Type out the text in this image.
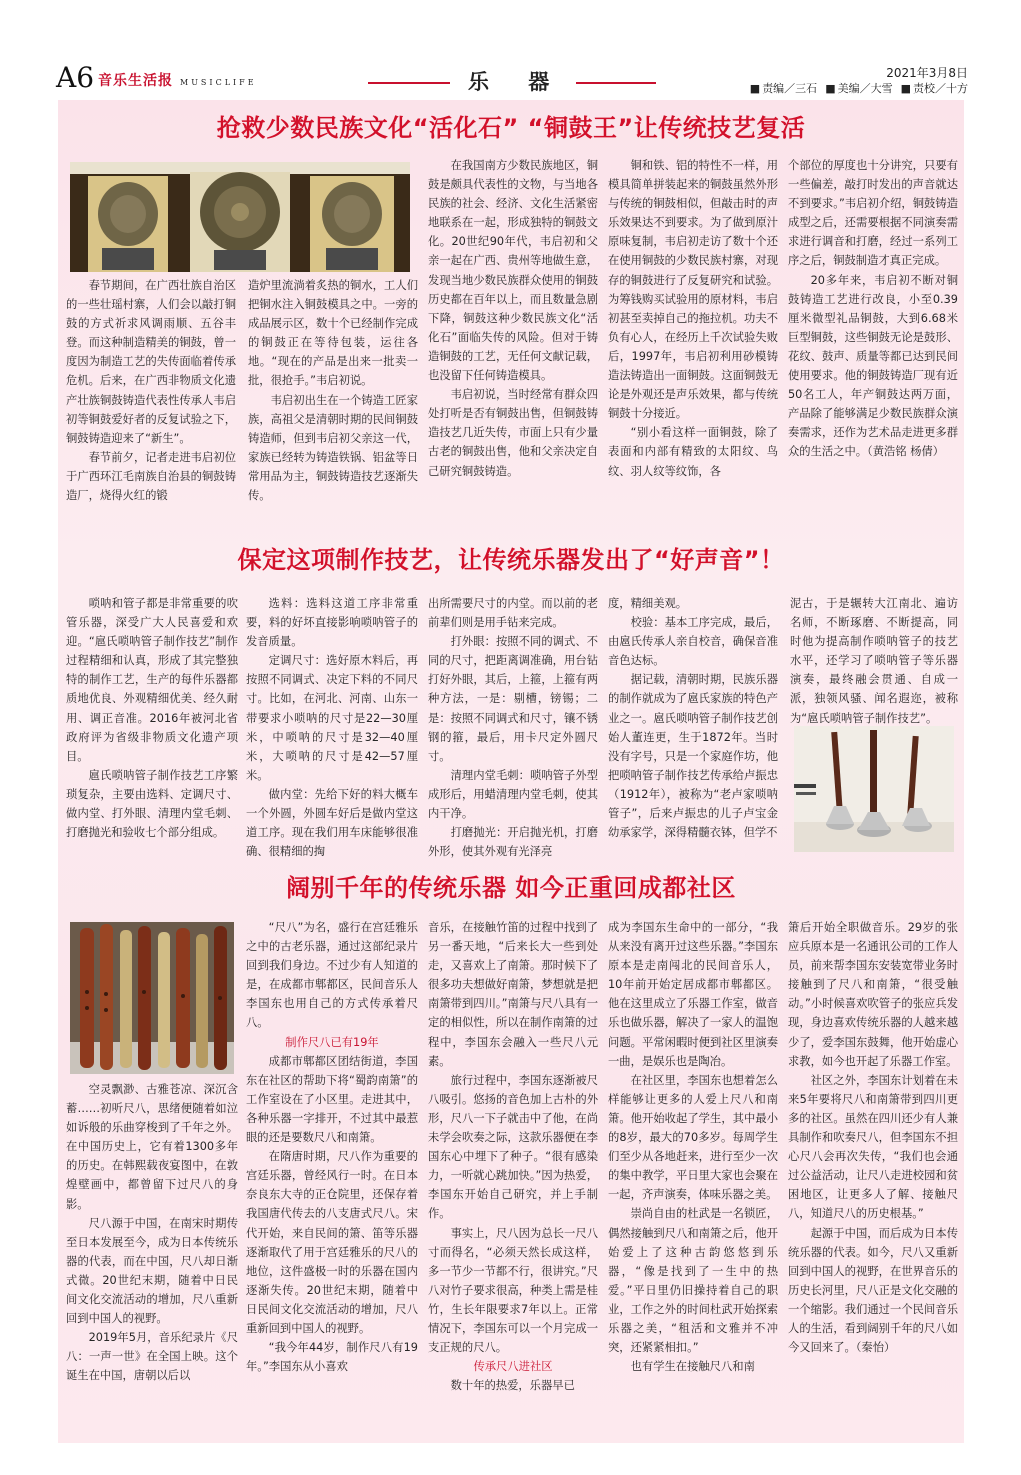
A6 音乐生活报 MUSICLIFE	乐 器	2021年3月8日
■ 责编／三石 ■ 美编／大雪 ■ 责校／十方
抢救少数民族文化“活化石” “铜鼓王”让传统技艺复活

春节期间，在广西壮族自治区的一些壮瑶村寨，人们会以敲打铜鼓的方式祈求风调雨顺、五谷丰登。而这种制造精美的铜鼓，曾一度因为制造工艺的失传面临着传承危机。后来，在广西非物质文化遗产壮族铜鼓铸造代表性传承人韦启初等铜鼓爱好者的反复试验之下，铜鼓铸造迎来了“新生”。

春节前夕，记者走进韦启初位于广西环江毛南族自治县的铜鼓铸造厂，烧得火红的锻

造炉里流淌着炙热的铜水，工人们把铜水注入铜鼓模具之中。一旁的成品展示区，数十个已经制作完成的铜鼓正在等待包装，运往各地。“现在的产品是出来一批卖一批，很抢手。”韦启初说。

韦启初出生在一个铸造工匠家族，高祖父是清朝时期的民间铜鼓铸造师，但到韦启初父亲这一代，家族已经转为铸造铁锅、铝盆等日常用品为主，铜鼓铸造技艺逐渐失传。

在我国南方少数民族地区，铜鼓是颇具代表性的文物，与当地各民族的社会、经济、文化生活紧密地联系在一起，形成独特的铜鼓文化。20世纪90年代，韦启初和父亲一起在广西、贵州等地做生意，发现当地少数民族群众使用的铜鼓历史都在百年以上，而且数量急剧下降，铜鼓这种少数民族文化“活化石”面临失传的风险。但对于铸造铜鼓的工艺，无任何文献记载，也没留下任何铸造模具。

韦启初说，当时经常有群众四处打听是否有铜鼓出售，但铜鼓铸造技艺几近失传，市面上只有少量古老的铜鼓出售，他和父亲决定自己研究铜鼓铸造。

铜和铁、铝的特性不一样，用模具简单拼装起来的铜鼓虽然外形与传统的铜鼓相似，但敲击时的声乐效果达不到要求。为了做到原汁原味复制，韦启初走访了数十个还在使用铜鼓的少数民族村寨，对现存的铜鼓进行了反复研究和试验。为筹钱购买试验用的原材料，韦启初甚至卖掉自己的拖拉机。功夫不负有心人，在经历上千次试验失败后，1997年，韦启初利用砂模铸造法铸造出一面铜鼓。这面铜鼓无论是外观还是声乐效果，都与传统铜鼓十分接近。

“别小看这样一面铜鼓，除了表面和内部有精致的太阳纹、鸟纹、羽人纹等纹饰，各

个部位的厚度也十分讲究，只要有一些偏差，敲打时发出的声音就达不到要求。”韦启初介绍，铜鼓铸造成型之后，还需要根据不同演奏需求进行调音和打磨，经过一系列工序之后，铜鼓制造才真正完成。

20多年来，韦启初不断对铜鼓铸造工艺进行改良，小至0.39厘米微型礼品铜鼓，大到6.68米巨型铜鼓，这些铜鼓无论是鼓形、花纹、鼓声、质量等都已达到民间使用要求。他的铜鼓铸造厂现有近50名工人，年产铜鼓达两万面，产品除了能够满足少数民族群众演奏需求，还作为艺术品走进更多群众的生活之中。（黄浩铭 杨倩）

保定这项制作技艺，让传统乐器发出了“好声音”！

唢呐和管子都是非常重要的吹管乐器，深受广大人民喜爱和欢迎。“扈氏唢呐管子制作技艺”制作过程精细和认真，形成了其完整独特的制作工艺，生产的每件乐器都质地优良、外观精细优美、经久耐用、调正音准。2016年被河北省政府评为省级非物质文化遗产项目。

扈氏唢呐管子制作技艺工序繁琐复杂，主要由选料、定调尺寸、做内堂、打外眼、清理内堂毛刺、打磨抛光和验收七个部分组成。

选料：选料这道工序非常重要，料的好坏直接影响唢呐管子的发音质量。

定调尺寸：选好原木料后，再按照不同调式、决定下料的不同尺寸。比如，在河北、河南、山东一带要求小唢呐的尺寸是22—30厘米，中唢呐的尺寸是32—40厘米，大唢呐的尺寸是42—57厘米。

做内堂：先给下好的料大概车一个外圆，外圆车好后是做内堂这道工序。现在我们用车床能够很准确、很精细的掏

出所需要尺寸的内堂。而以前的老前辈们则是用手钻来完成。

打外眼：按照不同的调式、不同的尺寸，把距离调准确，用台钻打好外眼，其后，上箍，上箍有两种方法，一是：剔槽，镑锡；二是：按照不同调式和尺寸，镶不锈钢的箍，最后，用卡尺定外圆尺寸。

清理内堂毛刺：唢呐管子外型成形后，用蜡清理内堂毛刺，使其内干净。

打磨抛光：开启抛光机，打磨外形，使其外观有光泽亮

度，精细美观。

校验：基本工序完成，最后，由扈氏传承人亲自校音，确保音准音色达标。

据记载，清朝时期，民族乐器的制作就成为了扈氏家族的特色产业之一。扈氏唢呐管子制作技艺创始人董连更，生于1872年。当时没有字号，只是一个家庭作坊，他把唢呐管子制作技艺传承给卢振忠（1912年），被称为“老卢家唢呐管子”，后来卢振忠的儿子卢宝金幼承家学，深得精髓衣钵，但学不

泥古，于是辗转大江南北、遍访名师，不断琢磨、不断提高，同时他为提高制作唢呐管子的技艺水平，还学习了唢呐管子等乐器演奏，最终融会贯通、自成一派，独领风骚、闻名遐迩，被称为“扈氏唢呐管子制作技艺”。

阔别千年的传统乐器 如今正重回成都社区

空灵飘渺、古雅苍凉、深沉含蓄……初听尺八，思绪便随着如泣如诉般的乐曲穿梭到了千年之外。在中国历史上，它有着1300多年的历史。在韩熙载夜宴图中，在敦煌壁画中，都曾留下过尺八的身影。

尺八源于中国，在南宋时期传至日本发展至今，成为日本传统乐器的代表，而在中国，尺八却日渐式微。20世纪末期，随着中日民间文化交流活动的增加，尺八重新回到中国人的视野。

2019年5月，音乐纪录片《尺八：一声一世》在全国上映。这个诞生在中国，唐朝以后以

“尺八”为名，盛行在宫廷雅乐之中的古老乐器，通过这部纪录片回到我们身边。不过少有人知道的是，在成都市郫都区，民间音乐人李国东也用自己的方式传承着尺八。

制作尺八已有19年

成都市郫都区团结街道，李国东在社区的帮助下将“蜀韵南箫”的工作室设在了小区里。走进其中，各种乐器一字排开，不过其中最惹眼的还是要数尺八和南箫。

在隋唐时期，尺八作为重要的宫廷乐器，曾经风行一时。在日本奈良东大寺的正仓院里，还保存着我国唐代传去的八支唐式尺八。宋代开始，来自民间的箫、笛等乐器逐渐取代了用于宫廷雅乐的尺八的地位，这件盛极一时的乐器在国内逐渐失传。20世纪末期，随着中日民间文化交流活动的增加，尺八重新回到中国人的视野。

“我今年44岁，制作尺八有19年。”李国东从小喜欢

音乐，在接触竹笛的过程中找到了另一番天地，“后来长大一些到处走，又喜欢上了南箫。那时候下了很多功夫想做好南箫，梦想就是把南箫带到四川。”南箫与尺八具有一定的相似性，所以在制作南箫的过程中，李国东会融入一些尺八元素。

旅行过程中，李国东逐渐被尺八吸引。悠扬的音色加上古朴的外形，尺八一下子就击中了他，在尚未学会吹奏之际，这款乐器便在李国东心中埋下了种子。“很有感染力，一听就心跳加快。”因为热爱，李国东开始自己研究，并上手制作。

事实上，尺八因为总长一尺八寸而得名，“必须天然长成这样，多一节少一节都不行，很讲究。”尺八对竹子要求很高，种类上需是桂竹，生长年限要求7年以上。正常情况下，李国东可以一个月完成一支正规的尺八。

传承尺八进社区

数十年的热爱，乐器早已

成为李国东生命中的一部分，“我从来没有离开过这些乐器。”李国东原本是走南闯北的民间音乐人，10年前开始定居成都市郫都区。他在这里成立了乐器工作室，做音乐也做乐器，解决了一家人的温饱问题。平常闲暇时便到社区里演奏一曲，是娱乐也是陶冶。

在社区里，李国东也想着怎么样能够让更多的人爱上尺八和南箫。他开始收起了学生，其中最小的8岁，最大的70多岁。每周学生们至少从各地赶来，进行至少一次的集中教学，平日里大家也会聚在一起，齐声演奏，体味乐器之美。

崇尚自由的杜武是一名锁匠，偶然接触到尺八和南箫之后，他开始爱上了这种古韵悠悠到乐器，“像是找到了一生中的热爱。”平日里仍旧操持着自己的职业，工作之外的时间杜武开始探索乐器之美，“租活和文雅并不冲突，还紧紧相扣。”

也有学生在接触尺八和南

箫后开始全职做音乐。29岁的张应兵原本是一名通讯公司的工作人员，前来帮李国东安装宽带业务时接触到了尺八和南箫，“很受触动。”小时候喜欢吹管子的张应兵发现，身边喜欢传统乐器的人越来越少了，爱李国东鼓舞，他开始虚心求教，如今也开起了乐器工作室。

社区之外，李国东计划着在未来5年要将尺八和南箫带到四川更多的社区。虽然在四川还少有人兼具制作和吹奏尺八，但李国东不担心尺八会再次失传，“我们也会通过公益活动，让尺八走进校园和贫困地区，让更多人了解、接触尺八，知道尺八的历史根基。”

起源于中国，而后成为日本传统乐器的代表。如今，尺八又重新回到中国人的视野，在世界音乐的历史长河里，尺八正是文化交融的一个缩影。我们通过一个民间音乐人的生活，看到阔别千年的尺八如今又回来了。（秦怡）
